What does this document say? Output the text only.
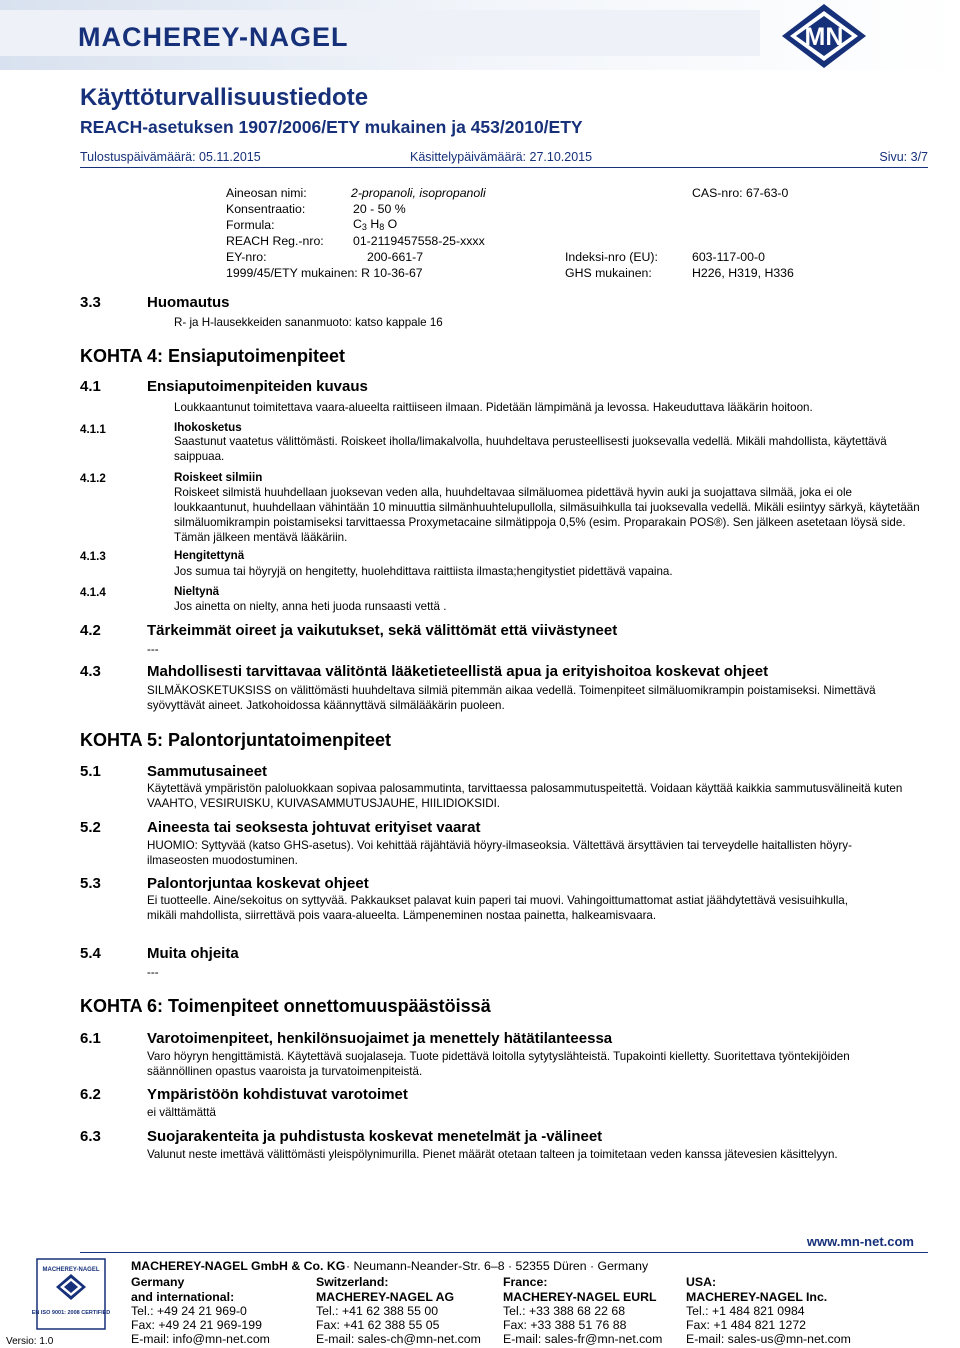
MACHEREY-NAGEL	MN
Käyttöturvallisuustiedote
REACH-asetuksen 1907/2006/ETY mukainen ja 453/2010/ETY
Tulostuspäivämäärä: 05.11.2015	Käsittelypäivämäärä: 27.10.2015	Sivu: 3/7
Aineosan nimi:	2-propanoli, isopropanoli	CAS-nro: 67-63-0
Konsentraatio:	20 - 50 %
Formula:	$C_3$ $H_8$ O
REACH Reg.-nro: 01-2119457558-25-xxxx
EY-nro:	200-661-7	Indeksi-nro (EU):	603-117-00-0
1999/45/ETY mukainen: R 10-36-67	GHS mukainen:	H226, H319, H336
3.3	Huomautus
R- ja H-lausekkeiden sananmuoto: katso kappale 16
KOHTA 4: Ensiaputoimenpiteet
4.1	Ensiaputoimenpiteiden kuvaus
Loukkaantunut toimitettava vaara-alueelta raittiiseen ilmaan. Pidetään lämpimänä ja levossa. Hakeuduttava lääkärin hoitoon.
4.1.1	Ihokosketus
Saastunut vaatetus välittömästi. Roiskeet iholla/limakalvolla, huuhdeltava perusteellisesti juoksevalla vedellä. Mikäli mahdollista, käytettävä saippuaa.
4.1.2	Roiskeet silmiin
Roiskeet silmistä huuhdellaan juoksevan veden alla, huuhdeltavaa silmäluomea pidettävä hyvin auki ja suojattava silmää, joka ei ole loukkaantunut, huuhdellaan vähintään 10 minuuttia silmänhuuhtelupullolla, silmäsuihkulla tai juoksevalla vedellä. Mikäli esiintyy särkyä, käytetään silmäluomikrampin poistamiseksi tarvittaessa Proxymetacaine silmätippoja 0,5% (esim. Proparakain POS®). Sen jälkeen asetetaan löysä side. Tämän jälkeen mentävä lääkäriin.
4.1.3	Hengitettynä
Jos sumua tai höyryjä on hengitetty, huolehdittava raittiista ilmasta;hengitystiet pidettävä vapaina.
4.1.4	Nieltynä
Jos ainetta on nielty, anna heti juoda runsaasti vettä .
4.2	Tärkeimmät oireet ja vaikutukset, sekä välittömät että viivästyneet
---
4.3	Mahdollisesti tarvittavaa välitöntä lääketieteellistä apua ja erityishoitoa koskevat ohjeet
SILMÄKOSKETUKSISS on välittömästi huuhdeltava silmiä pitemmän aikaa vedellä. Toimenpiteet silmäluomikrampin poistamiseksi. Nimettävä syövyttävät aineet. Jatkohoidossa käännyttävä silmälääkärin puoleen.
KOHTA 5: Palontorjuntatoimenpiteet
5.1	Sammutusaineet
Käytettävä ympäristön paloluokkaan sopivaa palosammutinta, tarvittaessa palosammutuspeitettä. Voidaan käyttää kaikkia sammutusvälineitä kuten VAAHTO, VESIRUISKU, KUIVASAMMUTUSJAUHE, HIILIDIOKSIDI.
5.2	Aineesta tai seoksesta johtuvat erityiset vaarat
HUOMIO: Syttyvää (katso GHS-asetus). Voi kehittää räjähtäviä höyry-ilmaseoksia. Vältettävä ärsyttävien tai terveydelle haitallisten höyry-ilmaseosten muodostuminen.
5.3	Palontorjuntaa koskevat ohjeet
Ei tuotteelle. Aine/sekoitus on syttyvää. Pakkaukset palavat kuin paperi tai muovi. Vahingoittumattomat astiat jäähdytettävä vesisuihkulla, mikäli mahdollista, siirrettävä pois vaara-alueelta. Lämpeneminen nostaa painetta, halkeamisvaara.
5.4	Muita ohjeita
---
KOHTA 6: Toimenpiteet onnettomuuspäästöissä
6.1	Varotoimenpiteet, henkilönsuojaimet ja menettely hätätilanteessa
Varo höyryn hengittämistä. Käytettävä suojalaseja. Tuote pidettävä loitolla sytytyslähteistä. Tupakointi kielletty. Suoritettava työntekijöiden säännöllinen opastus vaaroista ja turvatoimenpiteistä.
6.2	Ympäristöön kohdistuvat varotoimet
ei välttämättä
6.3	Suojarakenteita ja puhdistusta koskevat menetelmät ja -välineet
Valunut neste imettävä välittömästi yleispölynimurilla. Pienet määrät otetaan talteen ja toimitetaan veden kanssa jätevesien käsittelyyn.
www.mn-net.com
MACHEREY-NAGEL
EN ISO 9001: 2008 CERTIFIED
Versio: 1.0
MACHEREY-NAGEL GmbH & Co. KG · Neumann-Neander-Str. 6–8 · 52355 Düren · Germany
Germany
and international:
Tel.: +49 24 21 969-0
Fax: +49 24 21 969-199
E-mail: info@mn-net.com
Switzerland:
MACHEREY-NAGEL AG
Tel.: +41 62 388 55 00
Fax: +41 62 388 55 05
E-mail: sales-ch@mn-net.com
France:
MACHEREY-NAGEL EURL
Tel.: +33 388 68 22 68
Fax: +33 388 51 76 88
E-mail: sales-fr@mn-net.com
USA:
MACHEREY-NAGEL Inc.
Tel.: +1 484 821 0984
Fax: +1 484 821 1272
E-mail: sales-us@mn-net.com
